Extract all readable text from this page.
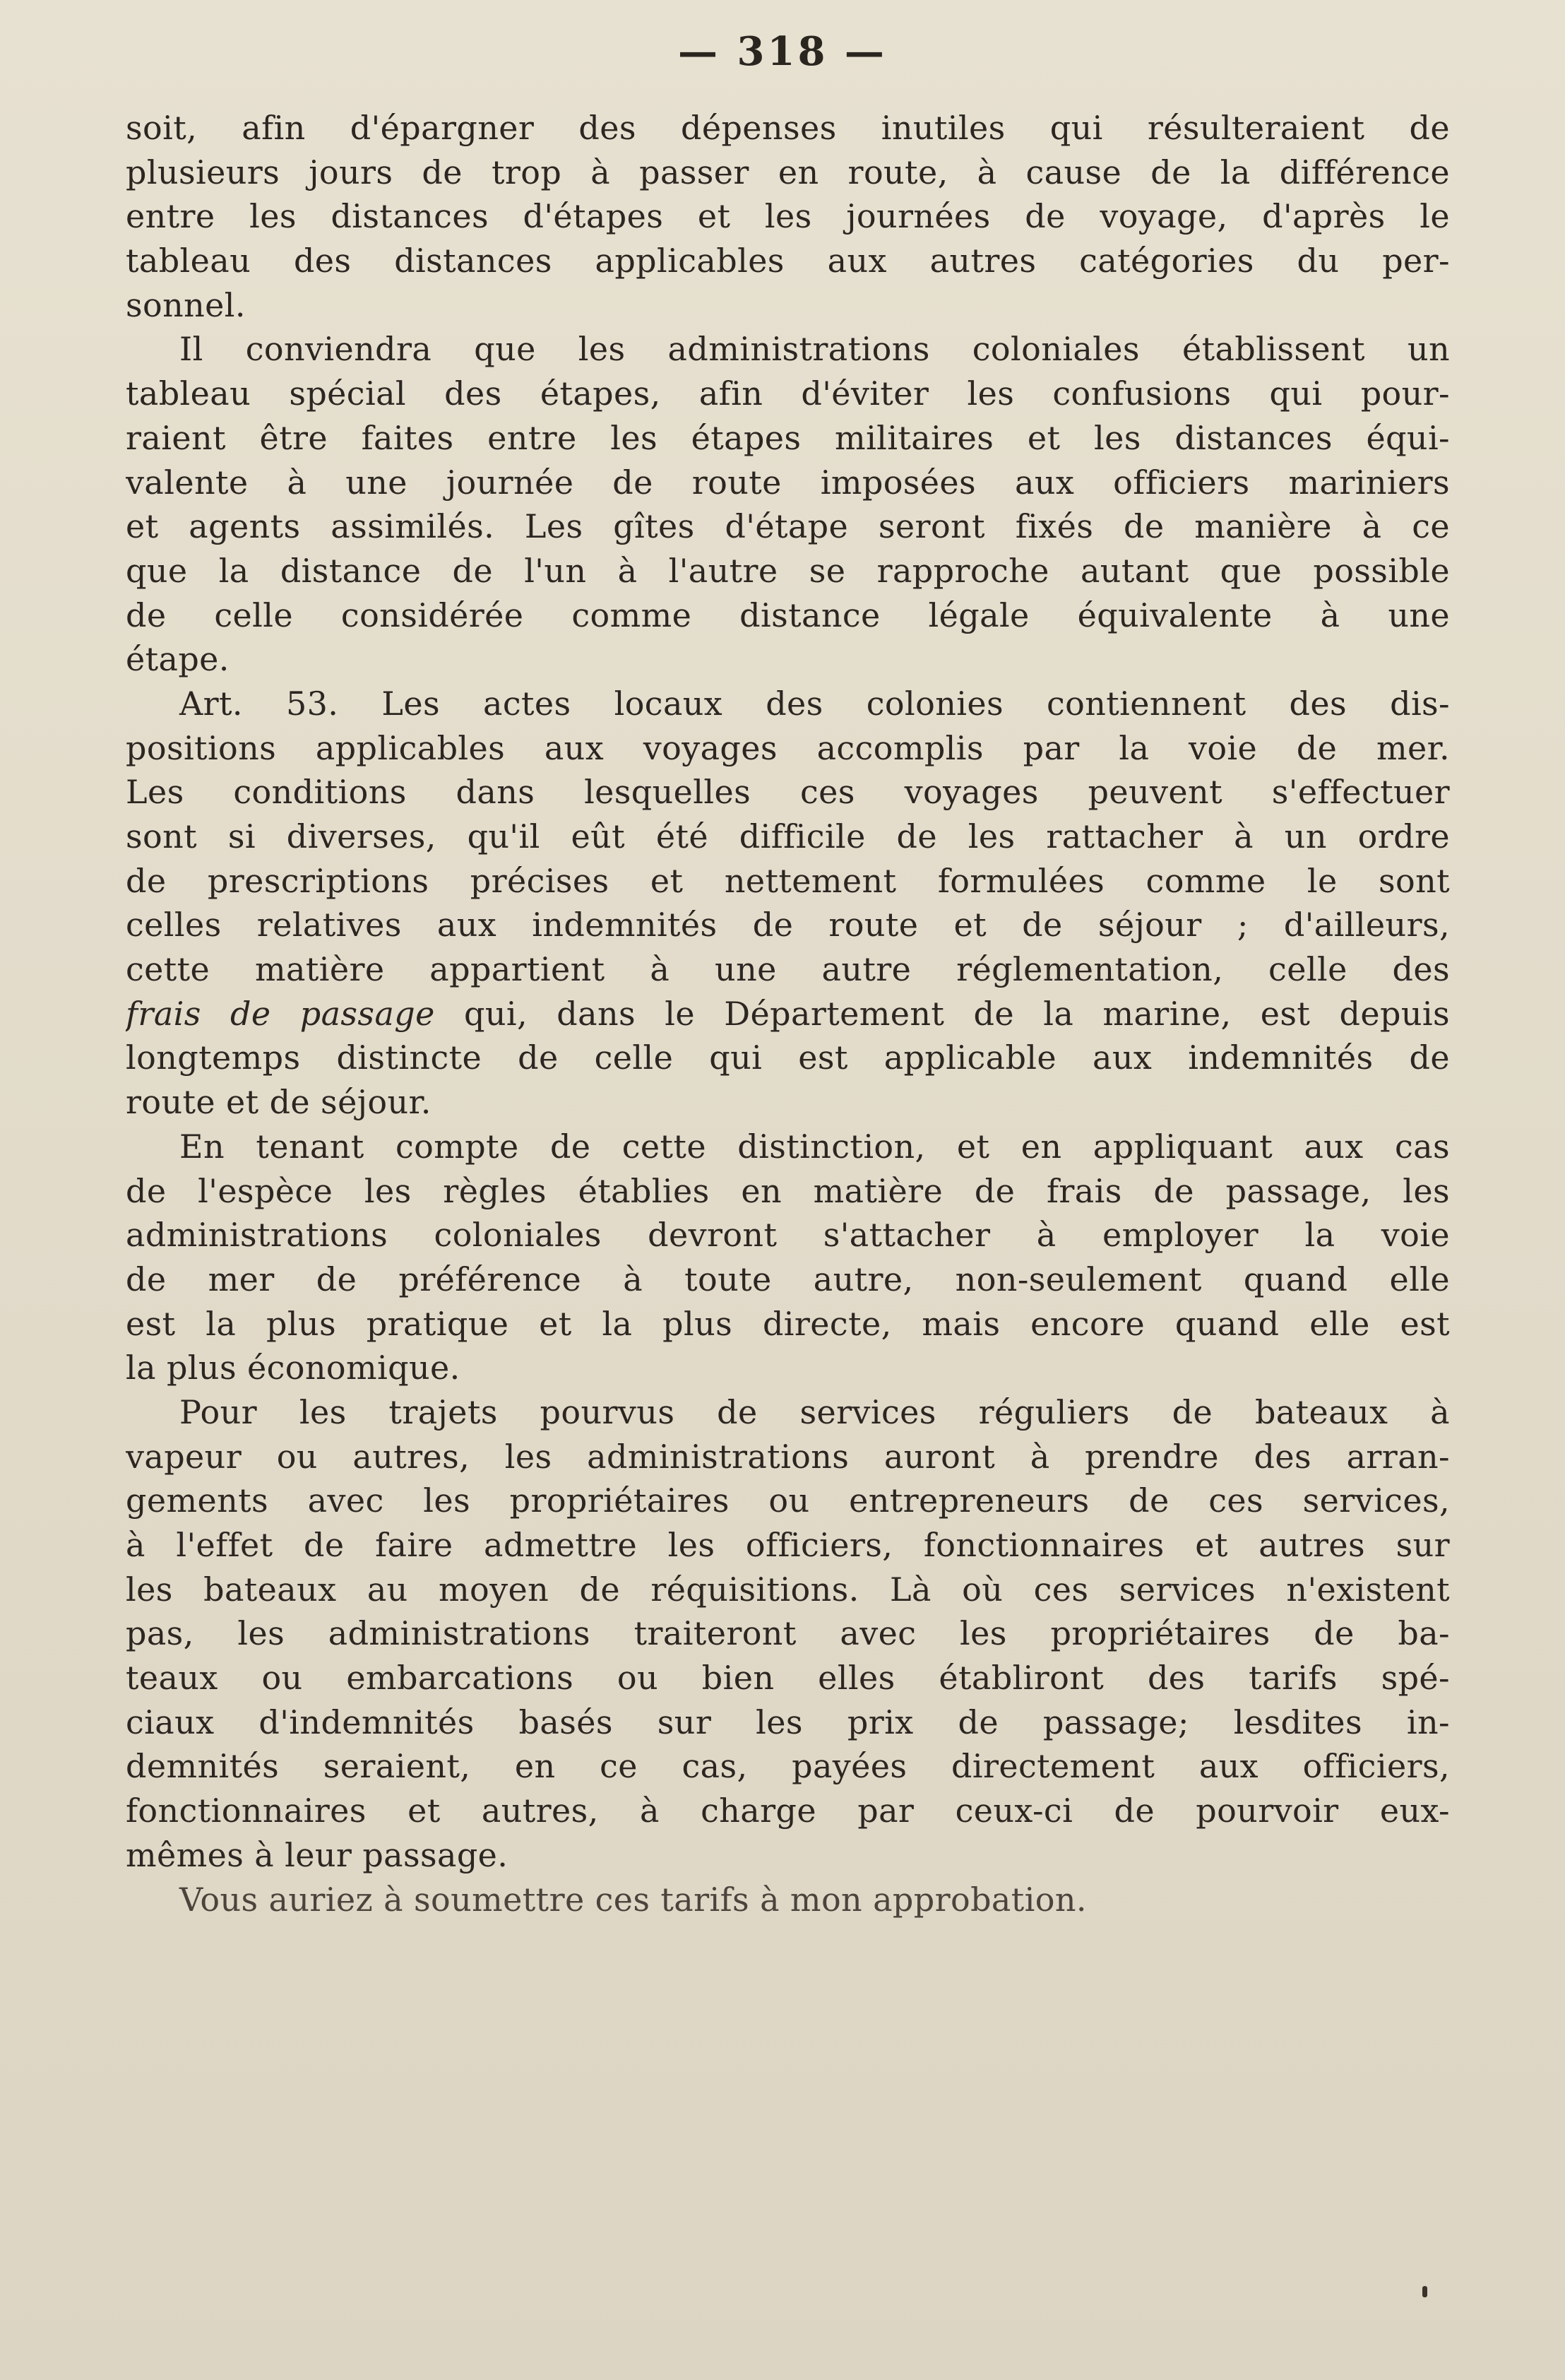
— 318 —
soit, afin d'épargner des dépenses inutiles qui résulteraient de
plusieurs jours de trop à passer en route, à cause de la différence
entre les distances d'étapes et les journées de voyage, d'après le
tableau des distances applicables aux autres catégories du per-
sonnel.
Il conviendra que les administrations coloniales établissent un
tableau spécial des étapes, afin d'éviter les confusions qui pour-
raient être faites entre les étapes militaires et les distances équi-
valente à une journée de route imposées aux officiers mariniers
et agents assimilés. Les gîtes d'étape seront fixés de manière à ce
que la distance de l'un à l'autre se rapproche autant que possible
de celle considérée comme distance légale équivalente à une
étape.
Art. 53. Les actes locaux des colonies contiennent des dis-
positions applicables aux voyages accomplis par la voie de mer.
Les conditions dans lesquelles ces voyages peuvent s'effectuer
sont si diverses, qu'il eût été difficile de les rattacher à un ordre
de prescriptions précises et nettement formulées comme le sont
celles relatives aux indemnités de route et de séjour ; d'ailleurs,
cette matière appartient à une autre réglementation, celle des
frais de passage qui, dans le Département de la marine, est depuis
longtemps distincte de celle qui est applicable aux indemnités de
route et de séjour.
En tenant compte de cette distinction, et en appliquant aux cas
de l'espèce les règles établies en matière de frais de passage, les
administrations coloniales devront s'attacher à employer la voie
de mer de préférence à toute autre, non-seulement quand elle
est la plus pratique et la plus directe, mais encore quand elle est
la plus économique.
Pour les trajets pourvus de services réguliers de bateaux à
vapeur ou autres, les administrations auront à prendre des arran-
gements avec les propriétaires ou entrepreneurs de ces services,
à l'effet de faire admettre les officiers, fonctionnaires et autres sur
les bateaux au moyen de réquisitions. Là où ces services n'existent
pas, les administrations traiteront avec les propriétaires de ba-
teaux ou embarcations ou bien elles établiront des tarifs spé-
ciaux d'indemnités basés sur les prix de passage; lesdites in-
demnités seraient, en ce cas, payées directement aux officiers,
fonctionnaires et autres, à charge par ceux-ci de pourvoir eux-
mêmes à leur passage.
Vous auriez à soumettre ces tarifs à mon approbation.
